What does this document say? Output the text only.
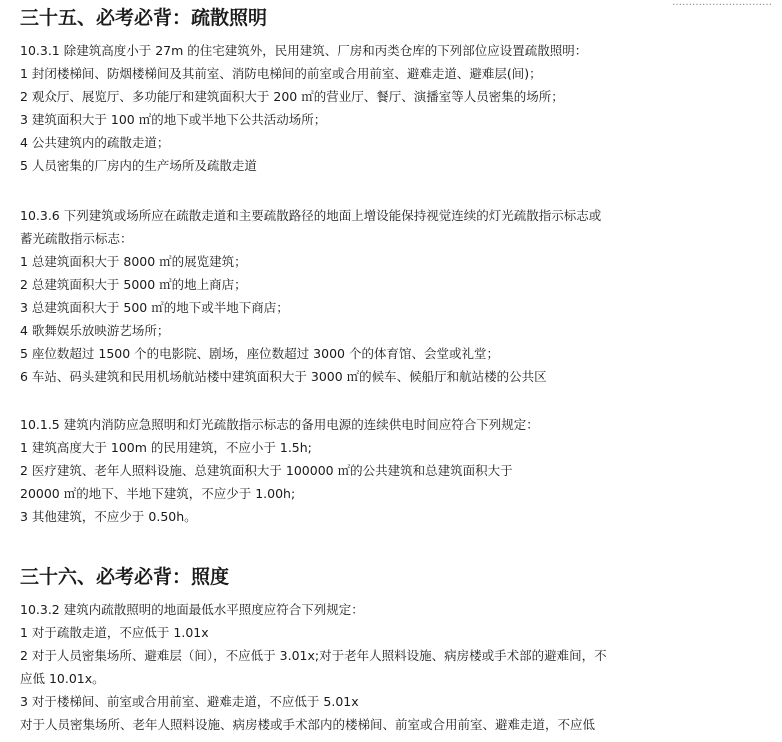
…………………………
三十五、必考必背：疏散照明
10.3.1 除建筑高度小于 27m 的住宅建筑外，民用建筑、厂房和丙类仓库的下列部位应设置疏散照明：
1 封闭楼梯间、防烟楼梯间及其前室、消防电梯间的前室或合用前室、避难走道、避难层(间)；
2 观众厅、展览厅、多功能厅和建筑面积大于 200 ㎡的营业厅、餐厅、演播室等人员密集的场所；
3 建筑面积大于 100 ㎡的地下或半地下公共活动场所；
4 公共建筑内的疏散走道；
5 人员密集的厂房内的生产场所及疏散走道
10.3.6 下列建筑或场所应在疏散走道和主要疏散路径的地面上增设能保持视觉连续的灯光疏散指示标志或
蓄光疏散指示标志：
1 总建筑面积大于 8000 ㎡的展览建筑；
2 总建筑面积大于 5000 ㎡的地上商店；
3 总建筑面积大于 500 ㎡的地下或半地下商店；
4 歌舞娱乐放映游艺场所；
5 座位数超过 1500 个的电影院、剧场，座位数超过 3000 个的体育馆、会堂或礼堂；
6 车站、码头建筑和民用机场航站楼中建筑面积大于 3000 ㎡的候车、候船厅和航站楼的公共区
10.1.5 建筑内消防应急照明和灯光疏散指示标志的备用电源的连续供电时间应符合下列规定：
1 建筑高度大于 100m 的民用建筑，不应小于 1.5h;
2 医疗建筑、老年人照料设施、总建筑面积大于 100000 ㎡的公共建筑和总建筑面积大于
20000 ㎡的地下、半地下建筑，不应少于 1.00h;
3 其他建筑，不应少于 0.50h。
三十六、必考必背：照度
10.3.2 建筑内疏散照明的地面最低水平照度应符合下列规定：
1 对于疏散走道，不应低于 1.01x
2 对于人员密集场所、避难层（间），不应低于 3.01x;对于老年人照料设施、病房楼或手术部的避难间，不
应低 10.01x。
3 对于楼梯间、前室或合用前室、避难走道，不应低于 5.01x
对于人员密集场所、老年人照料设施、病房楼或手术部内的楼梯间、前室或合用前室、避难走道，不应低
